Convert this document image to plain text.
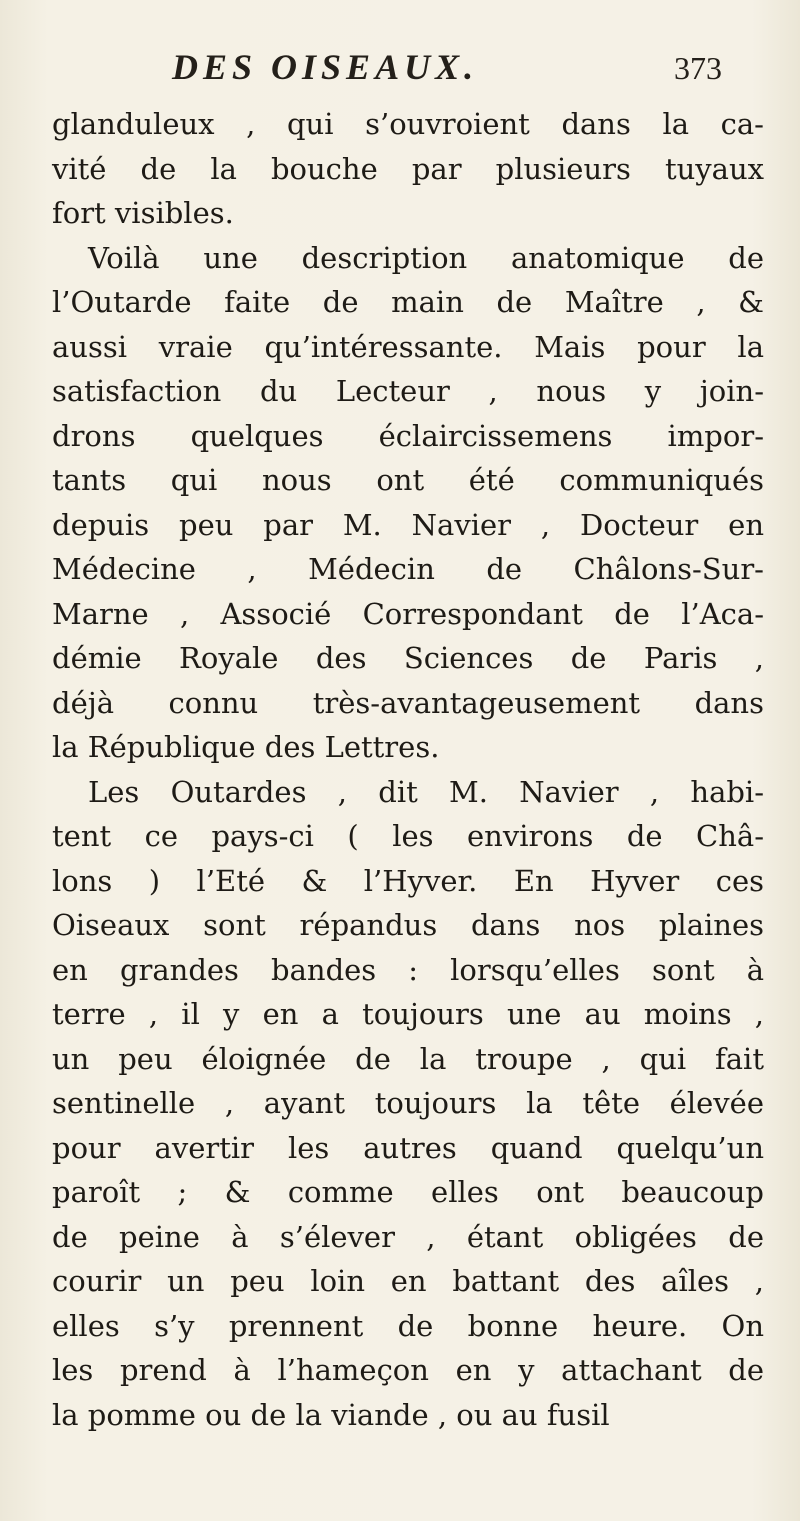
DES OISEAUX.	373
glanduleux , qui s’ouvroient dans la ca-
vité de la bouche par plusieurs tuyaux
fort visibles.
Voilà une description anatomique de
l’Outarde faite de main de Maître , &
aussi vraie qu’intéressante. Mais pour la
satisfaction du Lecteur , nous y join-
drons quelques éclaircissemens impor-
tants qui nous ont été communiqués
depuis peu par M. Navier , Docteur en
Médecine , Médecin de Châlons-Sur-
Marne , Associé Correspondant de l’Aca-
démie Royale des Sciences de Paris ,
déjà connu très-avantageusement dans
la République des Lettres.
Les Outardes , dit M. Navier , habi-
tent ce pays-ci ( les environs de Châ-
lons ) l’Eté & l’Hyver. En Hyver ces
Oiseaux sont répandus dans nos plaines
en grandes bandes : lorsqu’elles sont à
terre , il y en a toujours une au moins ,
un peu éloignée de la troupe , qui fait
sentinelle , ayant toujours la tête élevée
pour avertir les autres quand quelqu’un
paroît ; & comme elles ont beaucoup
de peine à s’élever , étant obligées de
courir un peu loin en battant des aîles ,
elles s’y prennent de bonne heure. On
les prend à l’hameçon en y attachant de
la pomme ou de la viande , ou au fusil
